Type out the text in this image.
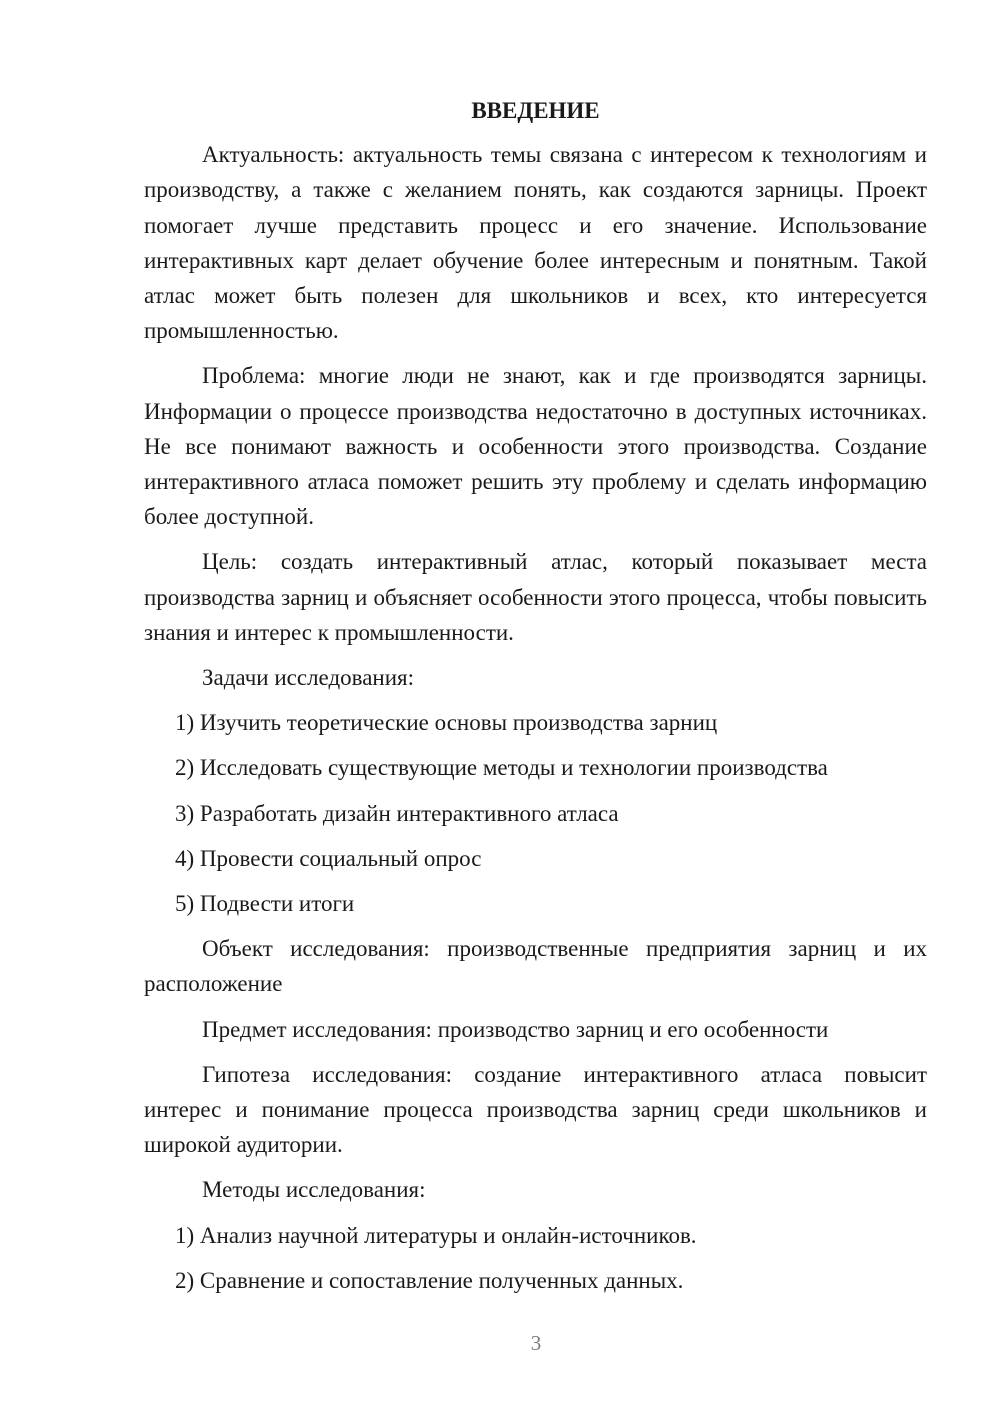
ВВЕДЕНИЕ

Актуальность: актуальность темы связана с интересом к технологиям и производству, а также с желанием понять, как создаются зарницы. Проект помогает лучше представить процесс и его значение. Использование интерактивных карт делает обучение более интересным и понятным. Такой атлас может быть полезен для школьников и всех, кто интересуется промышленностью.

Проблема: многие люди не знают, как и где производятся зарницы. Информации о процессе производства недостаточно в доступных источниках. Не все понимают важность и особенности этого производства. Создание интерактивного атласа поможет решить эту проблему и сделать информацию более доступной.

Цель: создать интерактивный атлас, который показывает места производства зарниц и объясняет особенности этого процесса, чтобы повысить знания и интерес к промышленности.

Задачи исследования:

1) Изучить теоретические основы производства зарниц
2) Исследовать существующие методы и технологии производства
3) Разработать дизайн интерактивного атласа
4) Провести социальный опрос
5) Подвести итоги

Объект исследования: производственные предприятия зарниц и их расположение

Предмет исследования: производство зарниц и его особенности

Гипотеза исследования: создание интерактивного атласа повысит интерес и понимание процесса производства зарниц среди школьников и широкой аудитории.

Методы исследования:

1) Анализ научной литературы и онлайн-источников.
2) Сравнение и сопоставление полученных данных.
3
